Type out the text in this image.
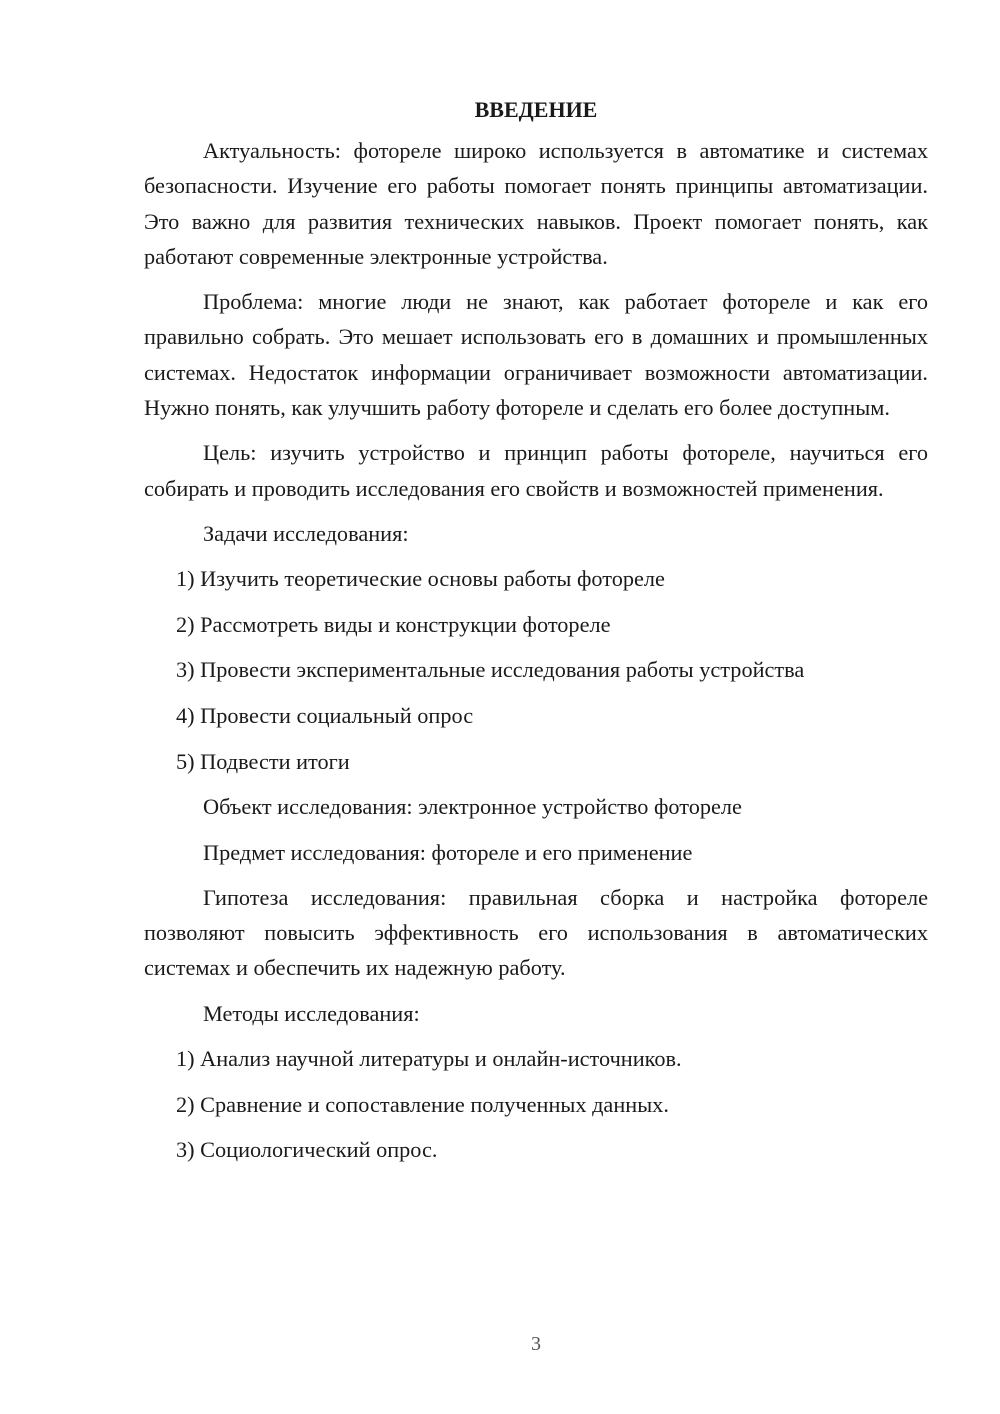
ВВЕДЕНИЕ

Актуальность: фотореле широко используется в автоматике и системах безопасности. Изучение его работы помогает понять принципы автоматизации. Это важно для развития технических навыков. Проект помогает понять, как работают современные электронные устройства.

Проблема: многие люди не знают, как работает фотореле и как его правильно собрать. Это мешает использовать его в домашних и промышленных системах. Недостаток информации ограничивает возможности автоматизации. Нужно понять, как улучшить работу фотореле и сделать его более доступным.

Цель: изучить устройство и принцип работы фотореле, научиться его собирать и проводить исследования его свойств и возможностей применения.

Задачи исследования:

1) Изучить теоретические основы работы фотореле
2) Рассмотреть виды и конструкции фотореле
3) Провести экспериментальные исследования работы устройства
4) Провести социальный опрос
5) Подвести итоги

Объект исследования: электронное устройство фотореле

Предмет исследования: фотореле и его применение

Гипотеза исследования: правильная сборка и настройка фотореле позволяют повысить эффективность его использования в автоматических системах и обеспечить их надежную работу.

Методы исследования:

1) Анализ научной литературы и онлайн-источников.
2) Сравнение и сопоставление полученных данных.
3) Социологический опрос.
3
